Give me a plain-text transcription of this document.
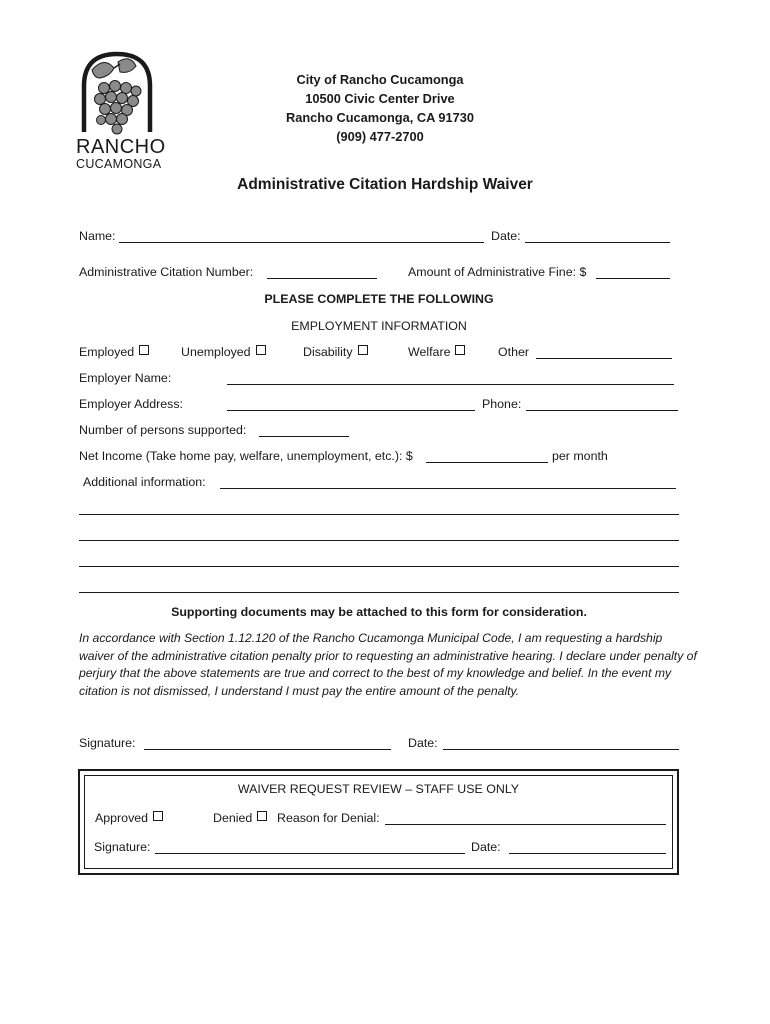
RANCHO
CUCAMONGA
City of Rancho Cucamonga
10500 Civic Center Drive
Rancho Cucamonga, CA 91730
(909) 477-2700
Administrative Citation Hardship Waiver
Name:	Date:
Administrative Citation Number:	Amount of Administrative Fine: $
PLEASE COMPLETE THE FOLLOWING
EMPLOYMENT INFORMATION
Employed	Unemployed	Disability	Welfare	Other
Employer Name:
Employer Address:	Phone:
Number of persons supported:
Net Income (Take home pay, welfare, unemployment, etc.): $	per month
Additional information:
Supporting documents may be attached to this form for consideration.
In accordance with Section 1.12.120 of the Rancho Cucamonga Municipal Code, I am requesting a hardship waiver of the administrative citation penalty prior to requesting an administrative hearing. I declare under penalty of perjury that the above statements are true and correct to the best of my knowledge and belief. In the event my citation is not dismissed, I understand I must pay the entire amount of the penalty.
Signature:	Date:
WAIVER REQUEST REVIEW – STAFF USE ONLY
Approved	Denied Reason for Denial:
Signature:	Date:
